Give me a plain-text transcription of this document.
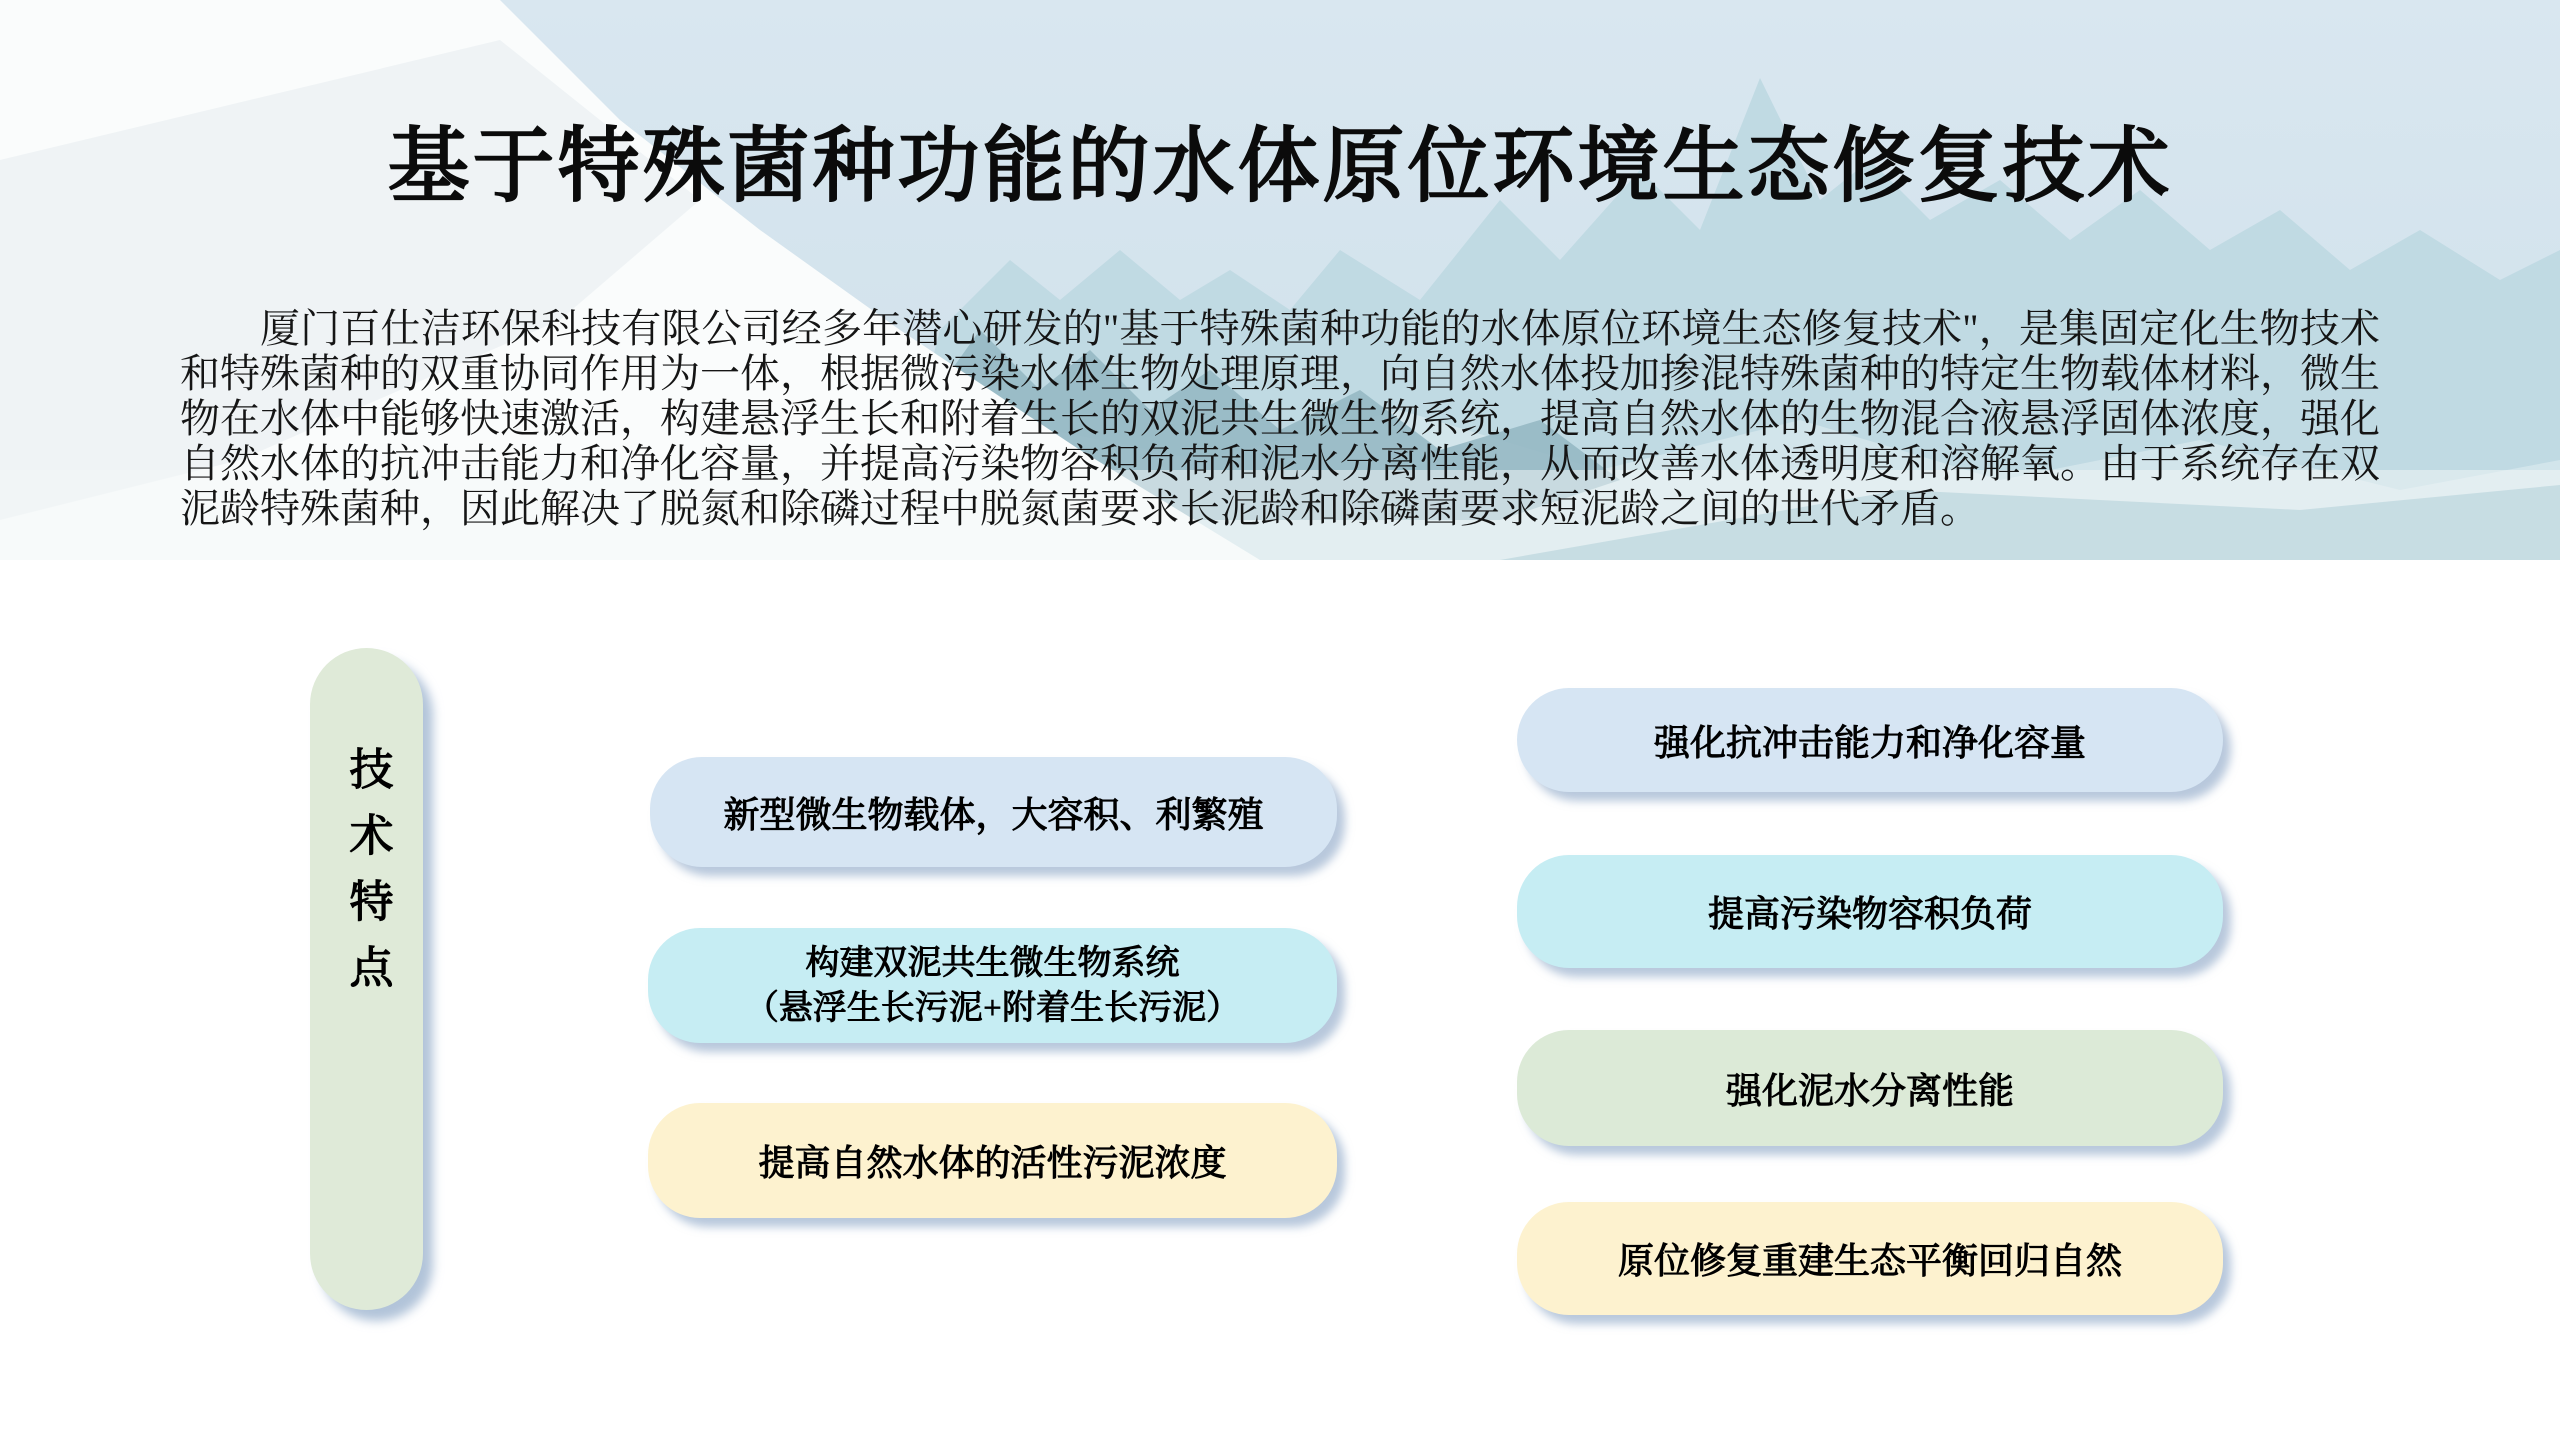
基于特殊菌种功能的水体原位环境生态修复技术

厦门百仕洁环保科技有限公司经多年潜心研发的"基于特殊菌种功能的水体原位环境生态修复技术"，是集固定化生物技术和特殊菌种的双重协同作用为一体，根据微污染水体生物处理原理，向自然水体投加掺混特殊菌种的特定生物载体材料，微生物在水体中能够快速激活，构建悬浮生长和附着生长的双泥共生微生物系统，提高自然水体的生物混合液悬浮固体浓度，强化自然水体的抗冲击能力和净化容量，并提高污染物容积负荷和泥水分离性能，从而改善水体透明度和溶解氧。由于系统存在双泥龄特殊菌种，因此解决了脱氮和除磷过程中脱氮菌要求长泥龄和除磷菌要求短泥龄之间的世代矛盾。

技术特点	新型微生物载体，大容积、利繁殖
构建双泥共生微生物系统
（悬浮生长污泥+附着生长污泥）
提高自然水体的活性污泥浓度
强化抗冲击能力和净化容量
提高污染物容积负荷
强化泥水分离性能
原位修复重建生态平衡回归自然
